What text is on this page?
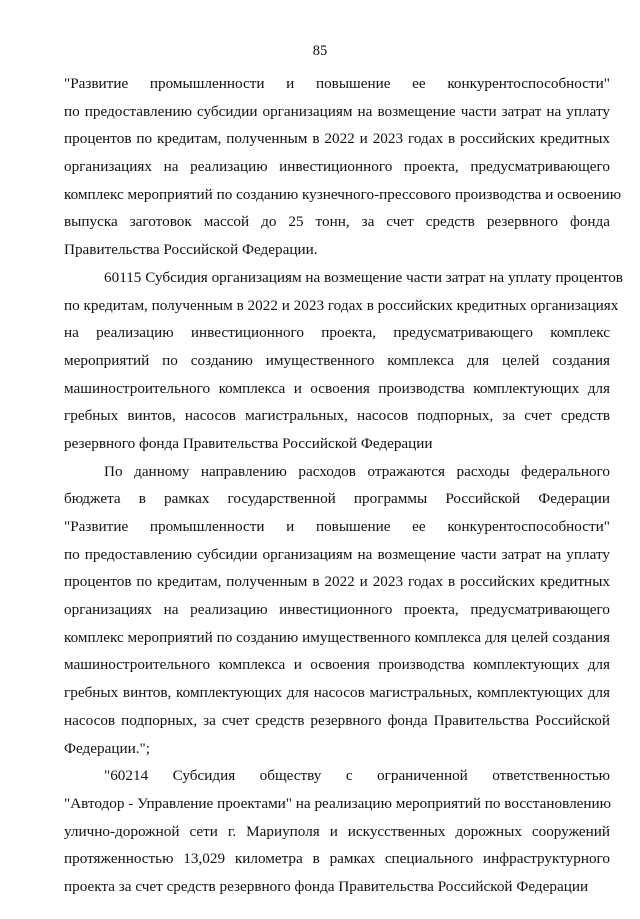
85
"Развитие промышленности и повышение ее конкурентоспособности"
по предоставлению субсидии организациям на возмещение части затрат на уплату
процентов по кредитам, полученным в 2022 и 2023 годах в российских кредитных
организациях на реализацию инвестиционного проекта, предусматривающего
комплекс мероприятий по созданию кузнечного-прессового производства и освоению
выпуска заготовок массой до 25 тонн, за счет средств резервного фонда
Правительства Российской Федерации.
60115 Субсидия организациям на возмещение части затрат на уплату процентов
по кредитам, полученным в 2022 и 2023 годах в российских кредитных организациях
на реализацию инвестиционного проекта, предусматривающего комплекс
мероприятий по созданию имущественного комплекса для целей создания
машиностроительного комплекса и освоения производства комплектующих для
гребных винтов, насосов магистральных, насосов подпорных, за счет средств
резервного фонда Правительства Российской Федерации
По данному направлению расходов отражаются расходы федерального
бюджета в рамках государственной программы Российской Федерации
"Развитие промышленности и повышение ее конкурентоспособности"
по предоставлению субсидии организациям на возмещение части затрат на уплату
процентов по кредитам, полученным в 2022 и 2023 годах в российских кредитных
организациях на реализацию инвестиционного проекта, предусматривающего
комплекс мероприятий по созданию имущественного комплекса для целей создания
машиностроительного комплекса и освоения производства комплектующих для
гребных винтов, комплектующих для насосов магистральных, комплектующих для
насосов подпорных, за счет средств резервного фонда Правительства Российской
Федерации.";
"60214 Субсидия обществу с ограниченной ответственностью
"Автодор - Управление проектами" на реализацию мероприятий по восстановлению
улично-дорожной сети г. Мариуполя и искусственных дорожных сооружений
протяженностью 13,029 километра в рамках специального инфраструктурного
проекта за счет средств резервного фонда Правительства Российской Федерации
